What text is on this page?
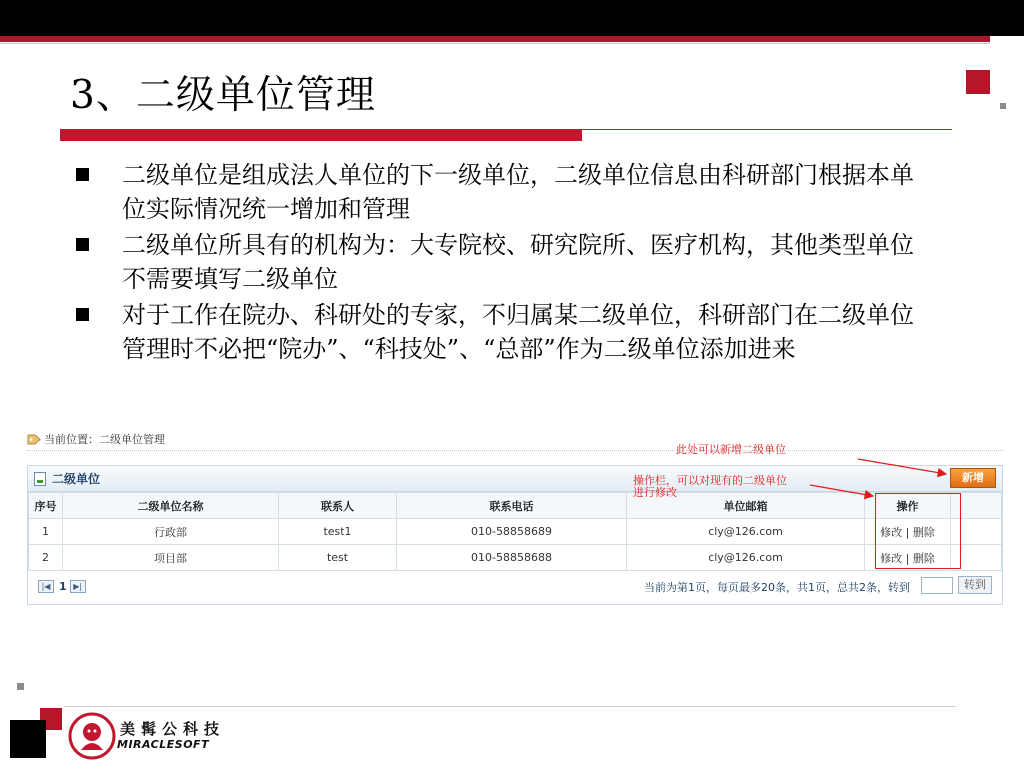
3、二级单位管理
二级单位是组成法人单位的下一级单位，二级单位信息由科研部门根据本单位实际情况统一增加和管理
二级单位所具有的机构为：大专院校、研究院所、医疗机构，其他类型单位不需要填写二级单位
对于工作在院办、科研处的专家，不归属某二级单位，科研部门在二级单位管理时不必把“院办”、“科技处”、“总部”作为二级单位添加进来
当前位置：二级单位管理
二级单位
序号	二级单位名称	联系人	联系电话	单位邮箱	操作	
1	行政部	test1	010-58858689	cly@126.com	修改 | 删除	
2	项目部	test	010-58858688	cly@126.com	修改 | 删除	
|◀ 1 ▶|	当前为第1页，每页最多20条，共1页，总共2条，转到	转到
新增
此处可以新增二级单位
操作栏，可以对现有的二级单位
进行修改
美髯公科技
MIRACLESOFT
